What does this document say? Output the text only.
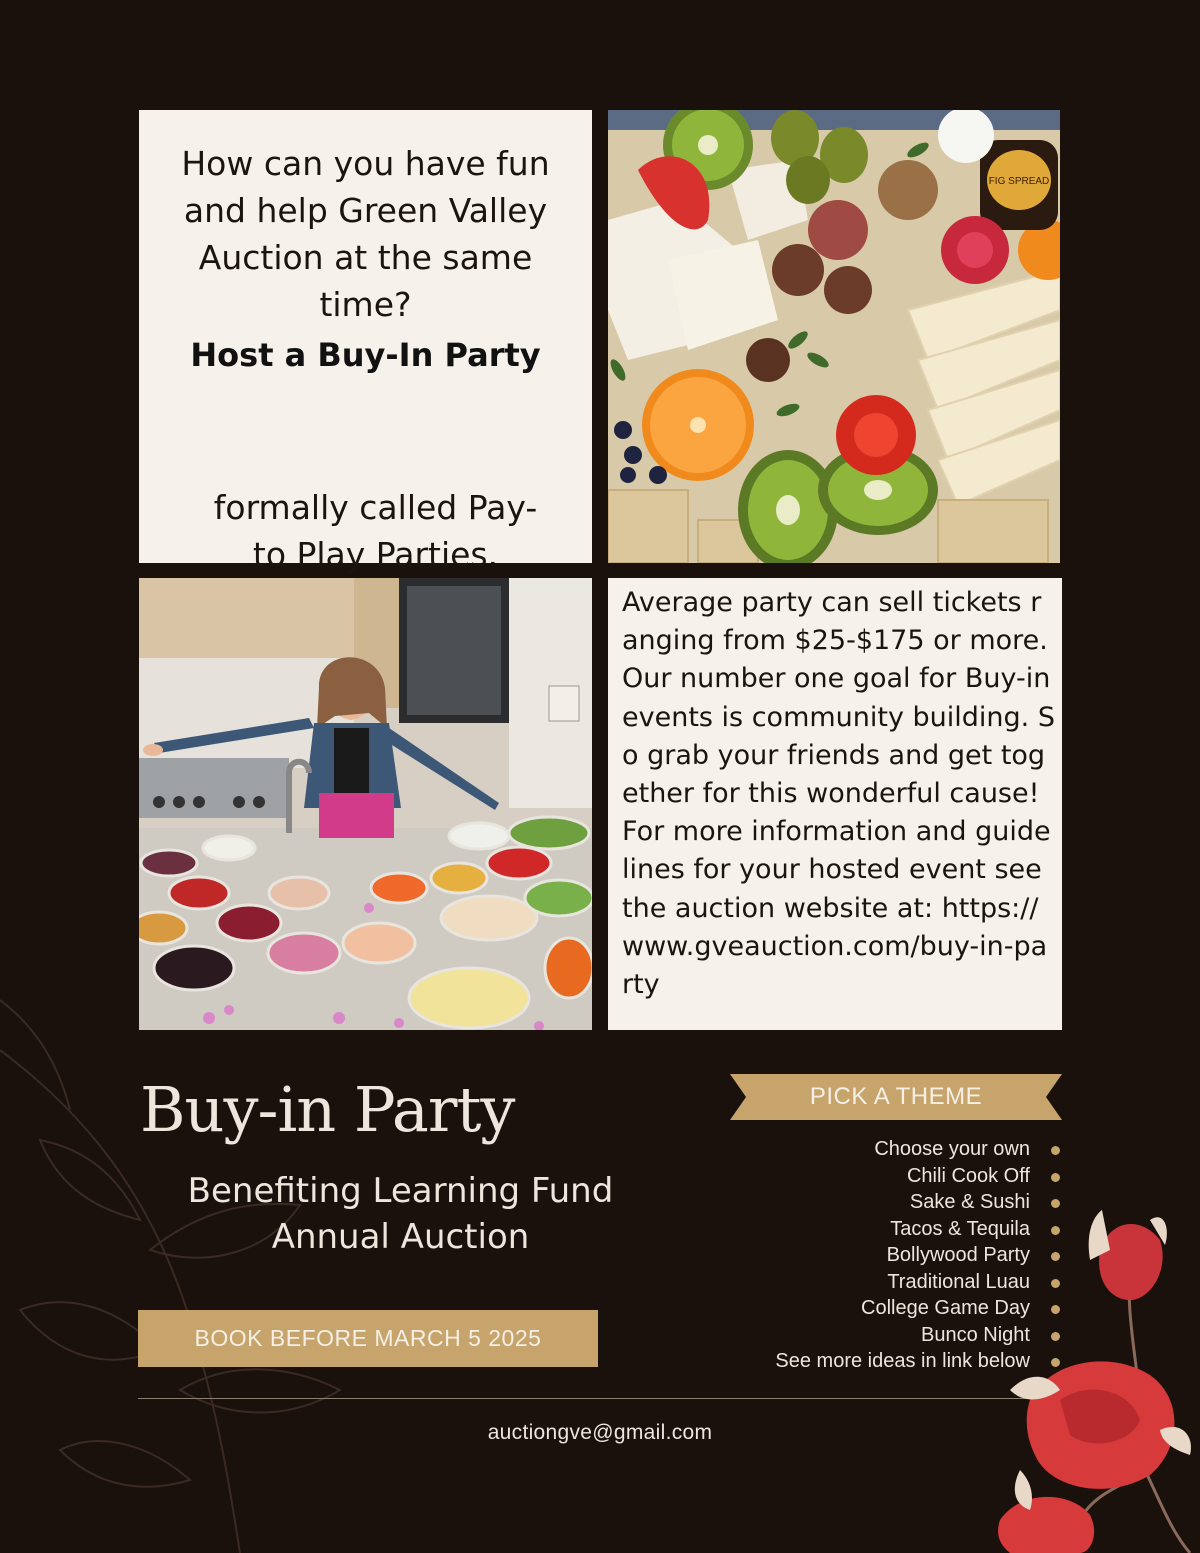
How can you have fun and help Green Valley Auction at the same time?
Host a Buy-In Party
formally called Pay-to Play Parties.
FIG SPREAD
Average party can sell tickets ranging from $25-$175 or more. Our number one goal for Buy-in events is community building. So grab your friends and get together for this wonderful cause! For more information and guidelines for your hosted event see the auction website at: https://www.gveauction.com/buy-in-party
Buy-in Party
Benefiting Learning Fund Annual Auction
BOOK BEFORE MARCH 5 2025
PICK A THEME
Choose your own
Chili Cook Off
Sake & Sushi
Tacos & Tequila
Bollywood Party
Traditional Luau
College Game Day
Bunco Night
See more ideas in link below
auctiongve@gmail.com
